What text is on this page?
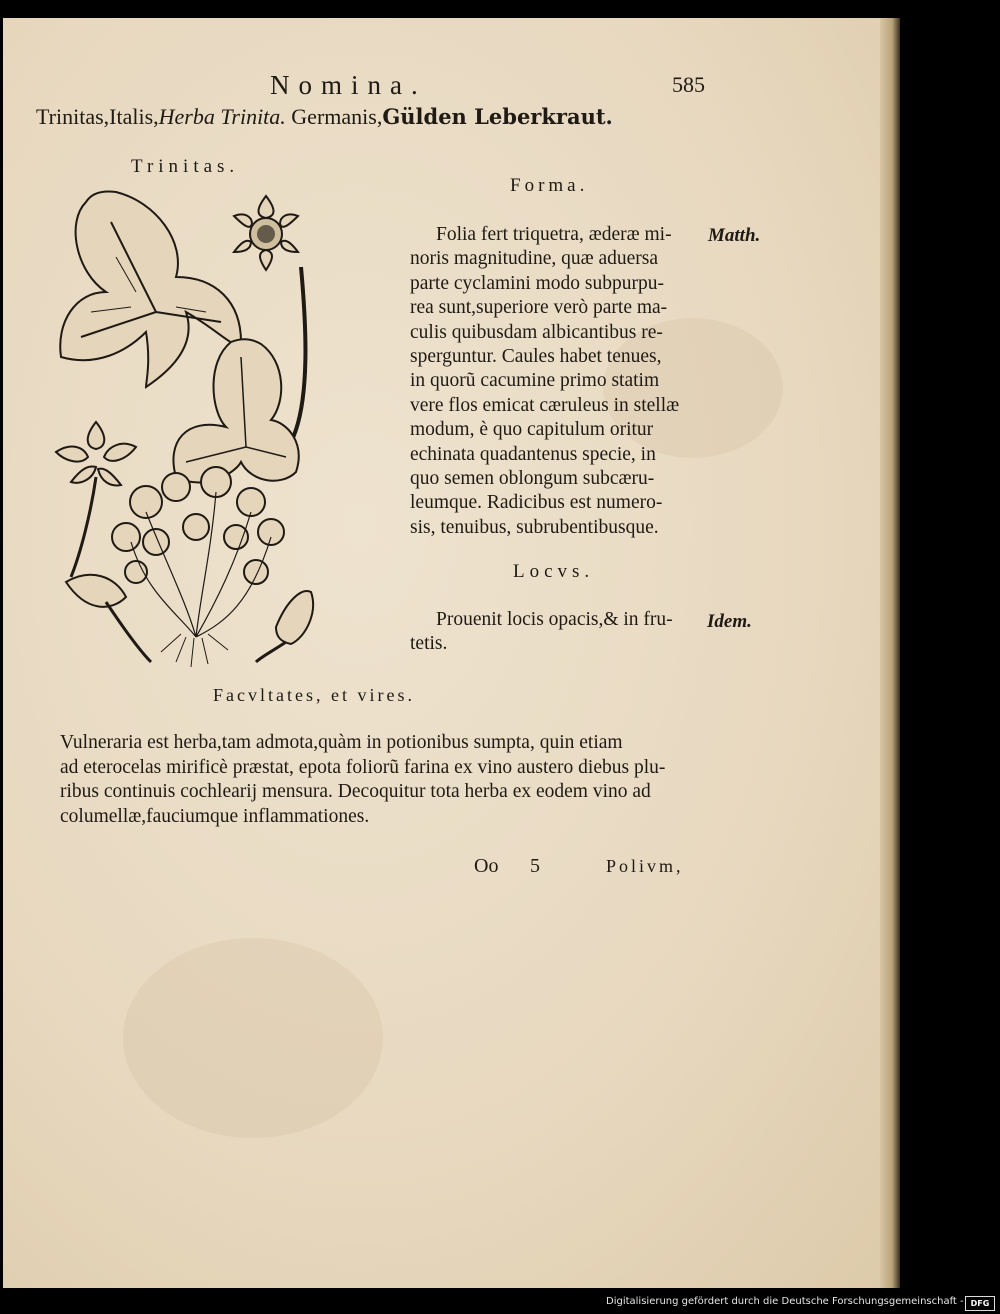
Nomina.	585
Trinitas,Italis,Herba Trinita. Germanis,Gülden Leberkraut.
Trinitas.
Forma.
Matth.
Folia fert triquetra, æderæ mi-
noris magnitudine, quæ aduersa
parte cyclamini modo subpurpu-
rea sunt,superiore verò parte ma-
culis quibusdam albicantibus re-
sperguntur. Caules habet tenues,
in quorũ cacumine primo statim
vere flos emicat cæruleus in stellæ
modum, è quo capitulum oritur
echinata quadantenus specie, in
quo semen oblongum subcæru-
leumque. Radicibus est numero-
sis, tenuibus, subrubentibusque.
Locvs.
Idem.
Prouenit locis opacis,& in fru-
tetis.
Facvltates, et vires.
Vulneraria est herba,tam admota,quàm in potionibus sumpta, quin etiam
ad eterocelas mirificè præstat, epota foliorũ farina ex vino austero diebus plu-
ribus continuis cochlearij mensura. Decoquitur tota herba ex eodem vino ad
columellæ,fauciumque inflammationes.
Oo 5	Polivm,
Digitalisierung gefördert durch die Deutsche Forschungsgemeinschaft - DFG
